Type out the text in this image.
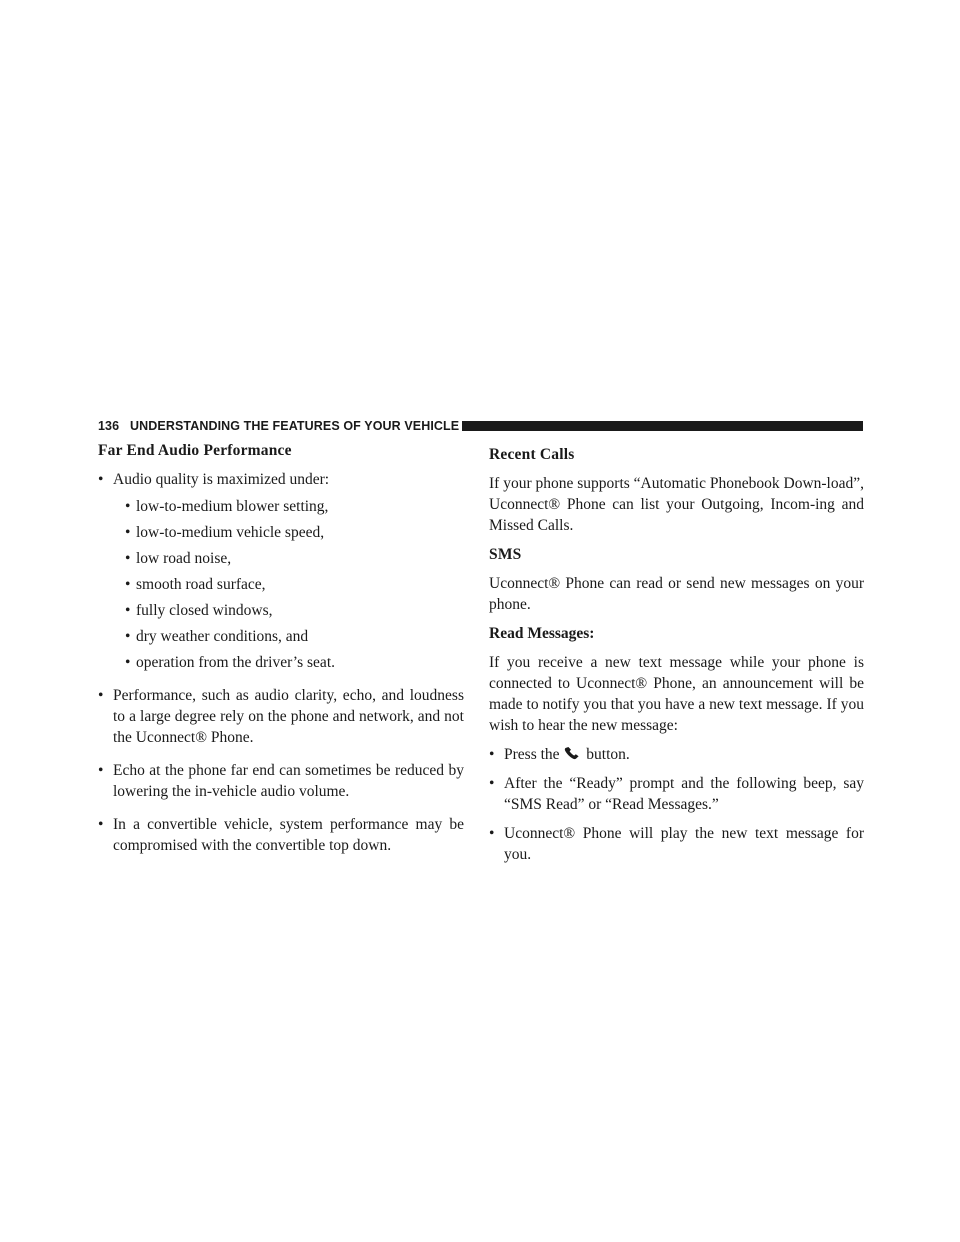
136 UNDERSTANDING THE FEATURES OF YOUR VEHICLE
Far End Audio Performance
• Audio quality is maximized under:
• low-to-medium blower setting,
• low-to-medium vehicle speed,
• low road noise,
• smooth road surface,
• fully closed windows,
• dry weather conditions, and
• operation from the driver’s seat.
• Performance, such as audio clarity, echo, and loudness to a large degree rely on the phone and network, and not the Uconnect® Phone.
• Echo at the phone far end can sometimes be reduced by lowering the in-vehicle audio volume.
• In a convertible vehicle, system performance may be compromised with the convertible top down.
Recent Calls

If your phone supports “Automatic Phonebook Down-load”, Uconnect® Phone can list your Outgoing, Incom-ing and Missed Calls.

SMS

Uconnect® Phone can read or send new messages on your phone.

Read Messages:

If you receive a new text message while your phone is connected to Uconnect® Phone, an announcement will be made to notify you that you have a new text message. If you wish to hear the new message:

• Press the button.
• After the “Ready” prompt and the following beep, say “SMS Read” or “Read Messages.”
• Uconnect® Phone will play the new text message for you.
